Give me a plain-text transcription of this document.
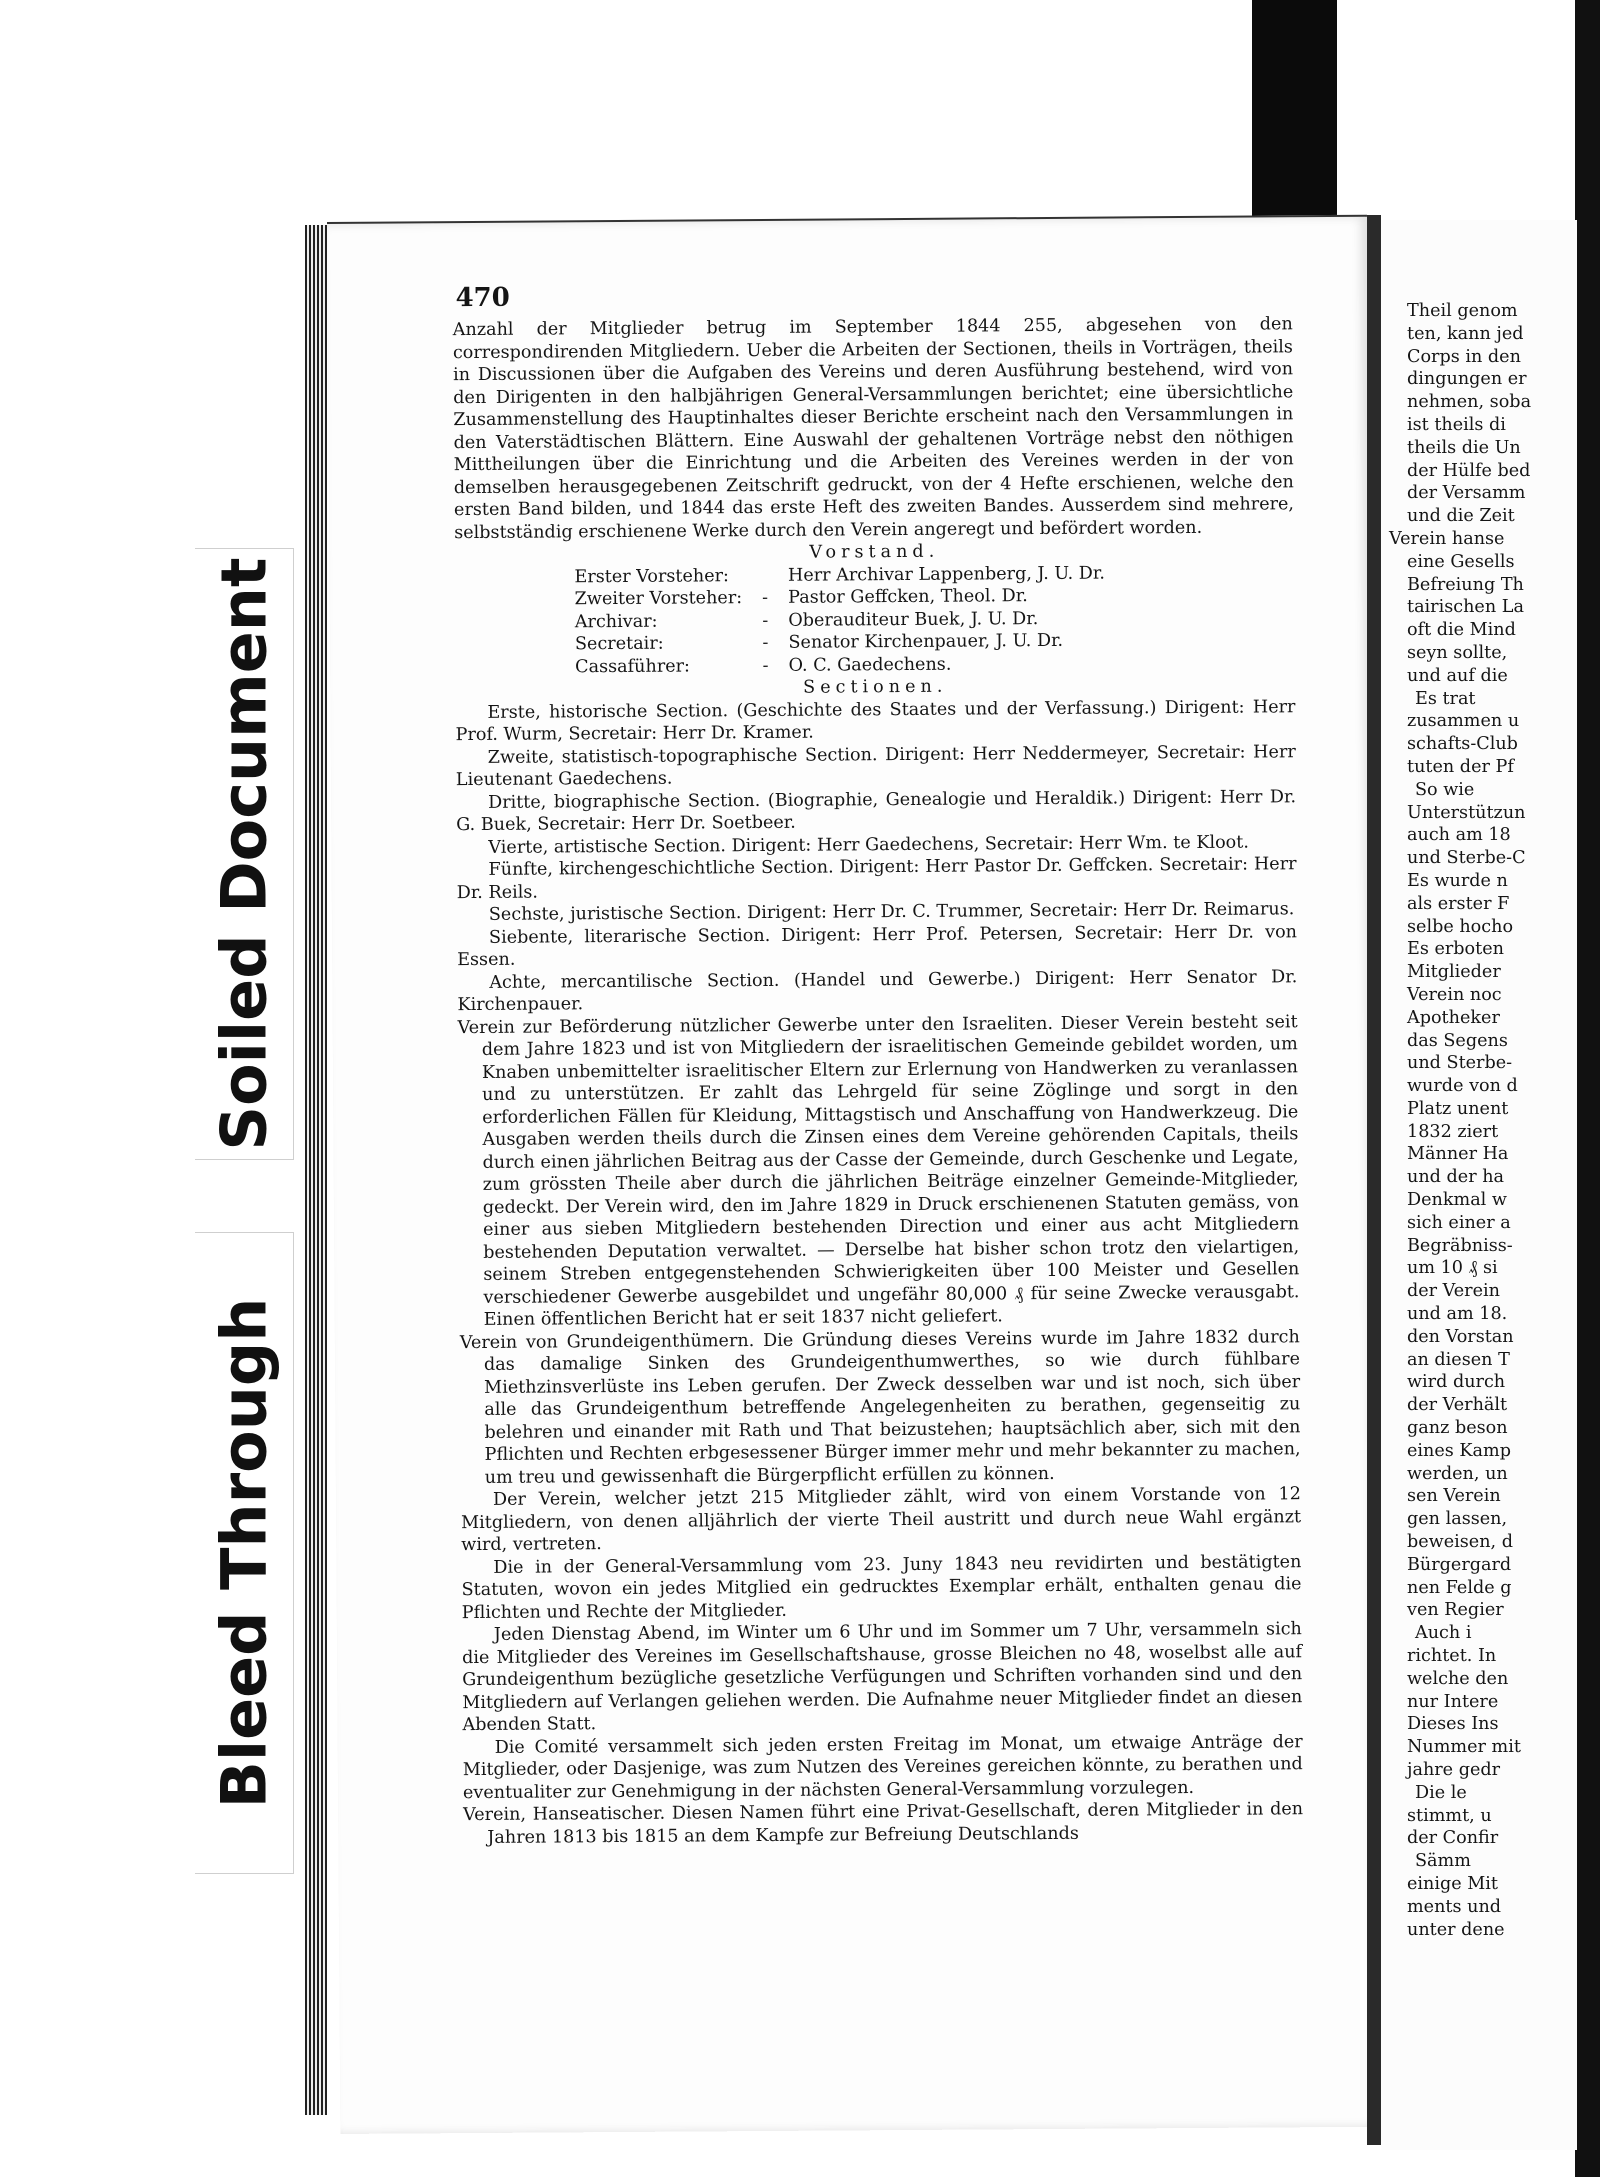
Soiled Document
Bleed Through
470

Anzahl der Mitglieder betrug im September 1844 255, abgesehen von den correspondirenden Mitgliedern. Ueber die Arbeiten der Sectionen, theils in Vorträgen, theils in Discussionen über die Aufgaben des Vereins und deren Ausführung bestehend, wird von den Dirigenten in den halbjährigen General-Versammlungen berichtet; eine übersichtliche Zusammenstellung des Hauptinhaltes dieser Berichte erscheint nach den Versammlungen in den Vaterstädtischen Blättern. Eine Auswahl der gehaltenen Vorträge nebst den nöthigen Mittheilungen über die Einrichtung und die Arbeiten des Vereines werden in der von demselben herausgegebenen Zeitschrift gedruckt, von der 4 Hefte erschienen, welche den ersten Band bilden, und 1844 das erste Heft des zweiten Bandes. Ausserdem sind mehrere, selbstständig erschienene Werke durch den Verein angeregt und befördert worden.

Vorstand.

Erster Vorsteher:		Herr Archivar Lappenberg, J. U. Dr.
Zweiter Vorsteher:	-	Pastor Geffcken, Theol. Dr.
Archivar:	-	Oberauditeur Buek, J. U. Dr.
Secretair:	-	Senator Kirchenpauer, J. U. Dr.
Cassaführer:	-	O. C. Gaedechens.

Sectionen.

Erste, historische Section. (Geschichte des Staates und der Verfassung.) Dirigent: Herr Prof. Wurm, Secretair: Herr Dr. Kramer.

Zweite, statistisch-topographische Section. Dirigent: Herr Neddermeyer, Secretair: Herr Lieutenant Gaedechens.

Dritte, biographische Section. (Biographie, Genealogie und Heraldik.) Dirigent: Herr Dr. G. Buek, Secretair: Herr Dr. Soetbeer.

Vierte, artistische Section. Dirigent: Herr Gaedechens, Secretair: Herr Wm. te Kloot.

Fünfte, kirchengeschichtliche Section. Dirigent: Herr Pastor Dr. Geffcken. Secretair: Herr Dr. Reils.

Sechste, juristische Section. Dirigent: Herr Dr. C. Trummer, Secretair: Herr Dr. Reimarus.

Siebente, literarische Section. Dirigent: Herr Prof. Petersen, Secretair: Herr Dr. von Essen.

Achte, mercantilische Section. (Handel und Gewerbe.) Dirigent: Herr Senator Dr. Kirchenpauer.

Verein zur Beförderung nützlicher Gewerbe unter den Israeliten. Dieser Verein besteht seit dem Jahre 1823 und ist von Mitgliedern der israelitischen Gemeinde gebildet worden, um Knaben unbemittelter israelitischer Eltern zur Erlernung von Handwerken zu veranlassen und zu unterstützen. Er zahlt das Lehrgeld für seine Zöglinge und sorgt in den erforderlichen Fällen für Kleidung, Mittagstisch und Anschaffung von Handwerkzeug. Die Ausgaben werden theils durch die Zinsen eines dem Vereine gehörenden Capitals, theils durch einen jährlichen Beitrag aus der Casse der Gemeinde, durch Geschenke und Legate, zum grössten Theile aber durch die jährlichen Beiträge einzelner Gemeinde-Mitglieder, gedeckt. Der Verein wird, den im Jahre 1829 in Druck erschienenen Statuten gemäss, von einer aus sieben Mitgliedern bestehenden Direction und einer aus acht Mitgliedern bestehenden Deputation verwaltet. — Derselbe hat bisher schon trotz den vielartigen, seinem Streben entgegenstehenden Schwierigkeiten über 100 Meister und Gesellen verschiedener Gewerbe ausgebildet und ungefähr 80,000 ₰ für seine Zwecke verausgabt. Einen öffentlichen Bericht hat er seit 1837 nicht geliefert.

Verein von Grundeigenthümern. Die Gründung dieses Vereins wurde im Jahre 1832 durch das damalige Sinken des Grundeigenthumwerthes, so wie durch fühlbare Miethzinsverlüste ins Leben gerufen. Der Zweck desselben war und ist noch, sich über alle das Grundeigenthum betreffende Angelegenheiten zu berathen, gegenseitig zu belehren und einander mit Rath und That beizustehen; hauptsächlich aber, sich mit den Pflichten und Rechten erbgesessener Bürger immer mehr und mehr bekannter zu machen, um treu und gewissenhaft die Bürgerpflicht erfüllen zu können.

Der Verein, welcher jetzt 215 Mitglieder zählt, wird von einem Vorstande von 12 Mitgliedern, von denen alljährlich der vierte Theil austritt und durch neue Wahl ergänzt wird, vertreten.

Die in der General-Versammlung vom 23. Juny 1843 neu revidirten und bestätigten Statuten, wovon ein jedes Mitglied ein gedrucktes Exemplar erhält, enthalten genau die Pflichten und Rechte der Mitglieder.

Jeden Dienstag Abend, im Winter um 6 Uhr und im Sommer um 7 Uhr, versammeln sich die Mitglieder des Vereines im Gesellschaftshause, grosse Bleichen no 48, woselbst alle auf Grundeigenthum bezügliche gesetzliche Verfügungen und Schriften vorhanden sind und den Mitgliedern auf Verlangen geliehen werden. Die Aufnahme neuer Mitglieder findet an diesen Abenden Statt.

Die Comité versammelt sich jeden ersten Freitag im Monat, um etwaige Anträge der Mitglieder, oder Dasjenige, was zum Nutzen des Vereines gereichen könnte, zu berathen und eventualiter zur Genehmigung in der nächsten General-Versammlung vorzulegen.

Verein, Hanseatischer. Diesen Namen führt eine Privat-Gesellschaft, deren Mitglieder in den Jahren 1813 bis 1815 an dem Kampfe zur Befreiung Deutschlands

Theil genom
ten, kann jed
Corps in den
dingungen er
nehmen, soba
ist theils di
theils die Un
der Hülfe bed
der Versamm
und die Zeit
Verein hanse
eine Gesells
Befreiung Th
tairischen La
oft die Mind
seyn sollte,
und auf die
Es trat
zusammen u
schafts-Club
tuten der Pf
So wie
Unterstützun
auch am 18
und Sterbe-C
Es wurde n
als erster F
selbe hocho
Es erboten
Mitglieder
Verein noc
Apotheker
das Segens
und Sterbe-
wurde von d
Platz unent
1832 ziert
Männer Ha
und der ha
Denkmal w
sich einer a
Begräbniss-
um 10 ₰ si
der Verein
und am 18.
den Vorstan
an diesen T
wird durch
der Verhält
ganz beson
eines Kamp
werden, un
sen Verein
gen lassen,
beweisen, d
Bürgergard
nen Felde g
ven Regier
Auch i
richtet. In
welche den
nur Intere
Dieses Ins
Nummer mit
jahre gedr
Die le
stimmt, u
der Confir
Sämm
einige Mit
ments und
unter dene
